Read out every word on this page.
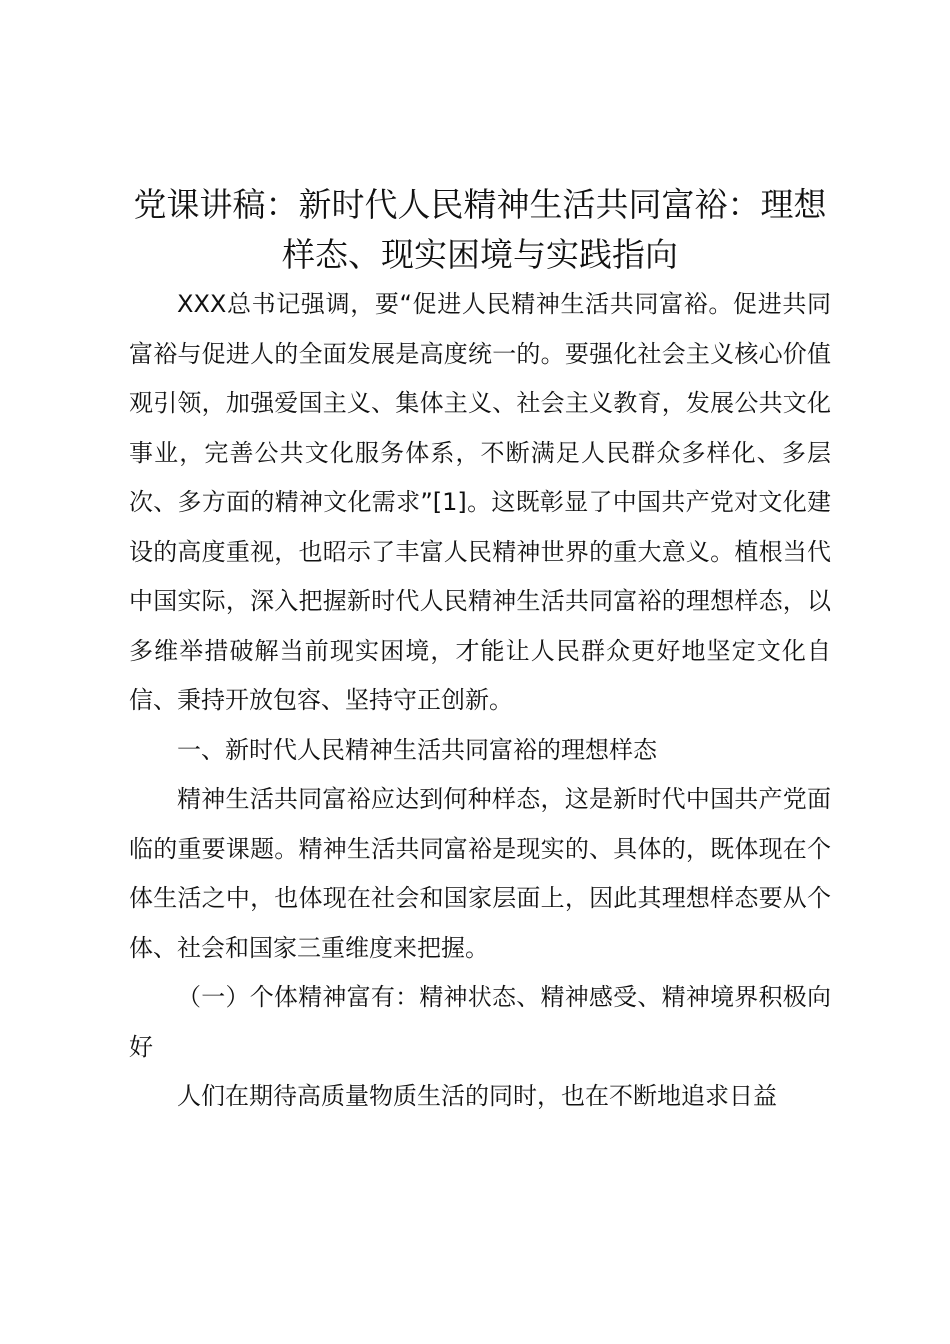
党课讲稿：新时代人民精神生活共同富裕：理想样态、现实困境与实践指向

XXX总书记强调，要“促进人民精神生活共同富裕。促进共同富裕与促进人的全面发展是高度统一的。要强化社会主义核心价值观引领，加强爱国主义、集体主义、社会主义教育，发展公共文化事业，完善公共文化服务体系，不断满足人民群众多样化、多层次、多方面的精神文化需求”[1]。这既彰显了中国共产党对文化建设的高度重视，也昭示了丰富人民精神世界的重大意义。植根当代中国实际，深入把握新时代人民精神生活共同富裕的理想样态，以多维举措破解当前现实困境，才能让人民群众更好地坚定文化自信、秉持开放包容、坚持守正创新。

一、新时代人民精神生活共同富裕的理想样态

精神生活共同富裕应达到何种样态，这是新时代中国共产党面临的重要课题。精神生活共同富裕是现实的、具体的，既体现在个体生活之中，也体现在社会和国家层面上，因此其理想样态要从个体、社会和国家三重维度来把握。

（一）个体精神富有：精神状态、精神感受、精神境界积极向好

人们在期待高质量物质生活的同时，也在不断地追求日益
